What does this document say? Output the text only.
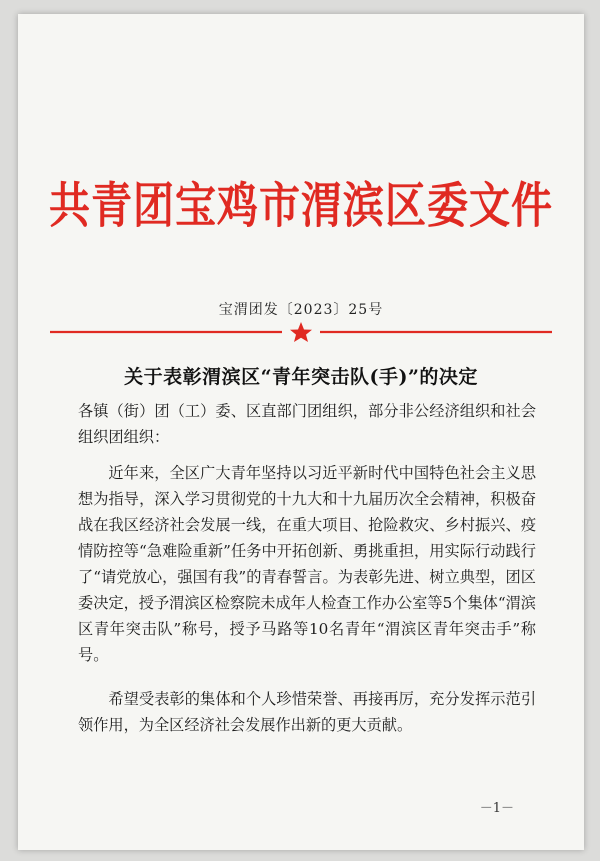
共青团宝鸡市渭滨区委文件
宝渭团发〔2023〕25号
关于表彰渭滨区“青年突击队(手)”的决定

各镇（街）团（工）委、区直部门团组织，部分非公经济组织和社会组织团组织：

近年来，全区广大青年坚持以习近平新时代中国特色社会主义思想为指导，深入学习贯彻党的十九大和十九届历次全会精神，积极奋战在我区经济社会发展一线，在重大项目、抢险救灾、乡村振兴、疫情防控等“急难险重新”任务中开拓创新、勇挑重担，用实际行动践行了“请党放心，强国有我”的青春誓言。为表彰先进、树立典型，团区委决定，授予渭滨区检察院未成年人检查工作办公室等5个集体“渭滨区青年突击队”称号，授予马路等10名青年“渭滨区青年突击手”称号。

希望受表彰的集体和个人珍惜荣誉、再接再厉，充分发挥示范引领作用，为全区经济社会发展作出新的更大贡献。

－1－
